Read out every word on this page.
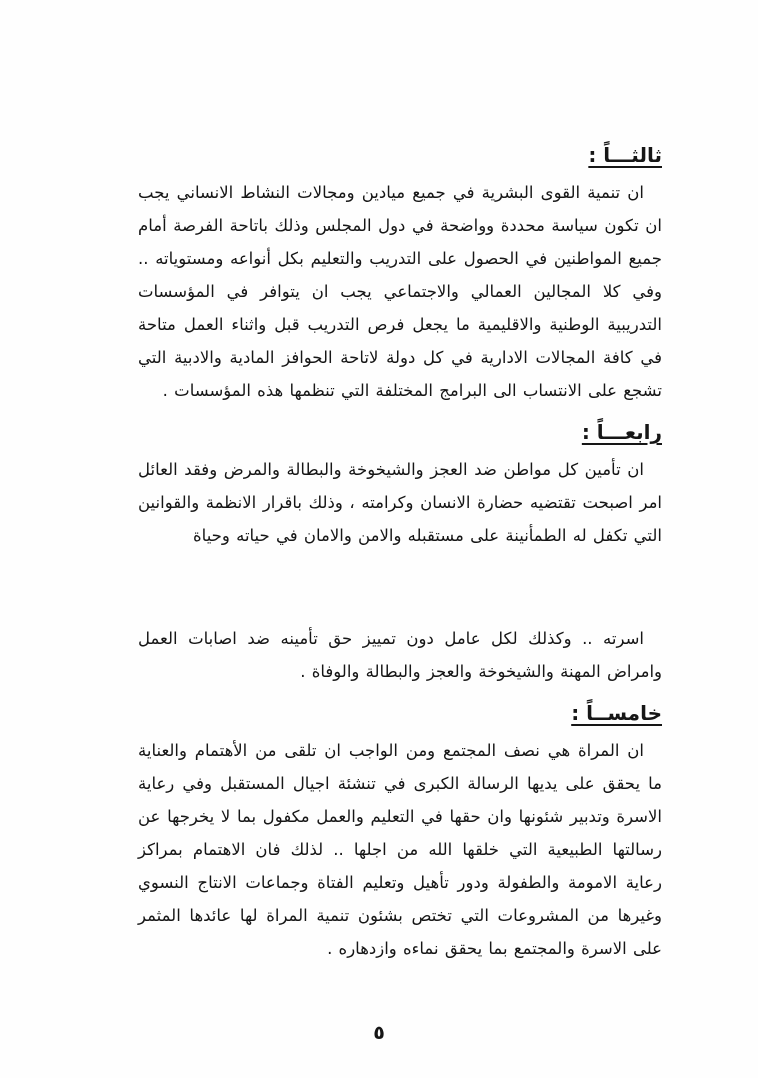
ثالثـــاً :

ان تنمية القوى البشرية في جميع ميادين ومجالات النشاط الانساني يجب ان تكون سياسة محددة وواضحة في دول المجلس وذلك باتاحة الفرصة أمام جميع المواطنين في الحصول على التدريب والتعليم بكل أنواعه ومستوياته .. وفي كلا المجالين العمالي والاجتماعي يجب ان يتوافر في المؤسسات التدريبية الوطنية والاقليمية ما يجعل فرص التدريب قبل واثناء العمل متاحة في كافة المجالات الادارية في كل دولة لاتاحة الحوافز المادية والادبية التي تشجع على الانتساب الى البرامج المختلفة التي تنظمها هذه المؤسسات .

رابعـــاً :

ان تأمين كل مواطن ضد العجز والشيخوخة والبطالة والمرض وفقد العائل امر اصبحت تقتضيه حضارة الانسان وكرامته ، وذلك باقرار الانظمة والقوانين التي تكفل له الطمأنينة على مستقبله والامن والامان في حياته وحياة

اسرته .. وكذلك لكل عامل دون تمييز حق تأمينه ضد اصابات العمل وامراض المهنة والشيخوخة والعجز والبطالة والوفاة .

خامســاً :

ان المراة هي نصف المجتمع ومن الواجب ان تلقى من الأهتمام والعناية ما يحقق على يديها الرسالة الكبرى في تنشئة اجيال المستقبل وفي رعاية الاسرة وتدبير شئونها وان حقها في التعليم والعمل مكفول بما لا يخرجها عن رسالتها الطبيعية التي خلقها الله من اجلها .. لذلك فان الاهتمام بمراكز رعاية الامومة والطفولة ودور تأهيل وتعليم الفتاة وجماعات الانتاج النسوي وغيرها من المشروعات التي تختص بشئون تنمية المراة لها عائدها المثمر على الاسرة والمجتمع بما يحقق نماءه وازدهاره .

٥
